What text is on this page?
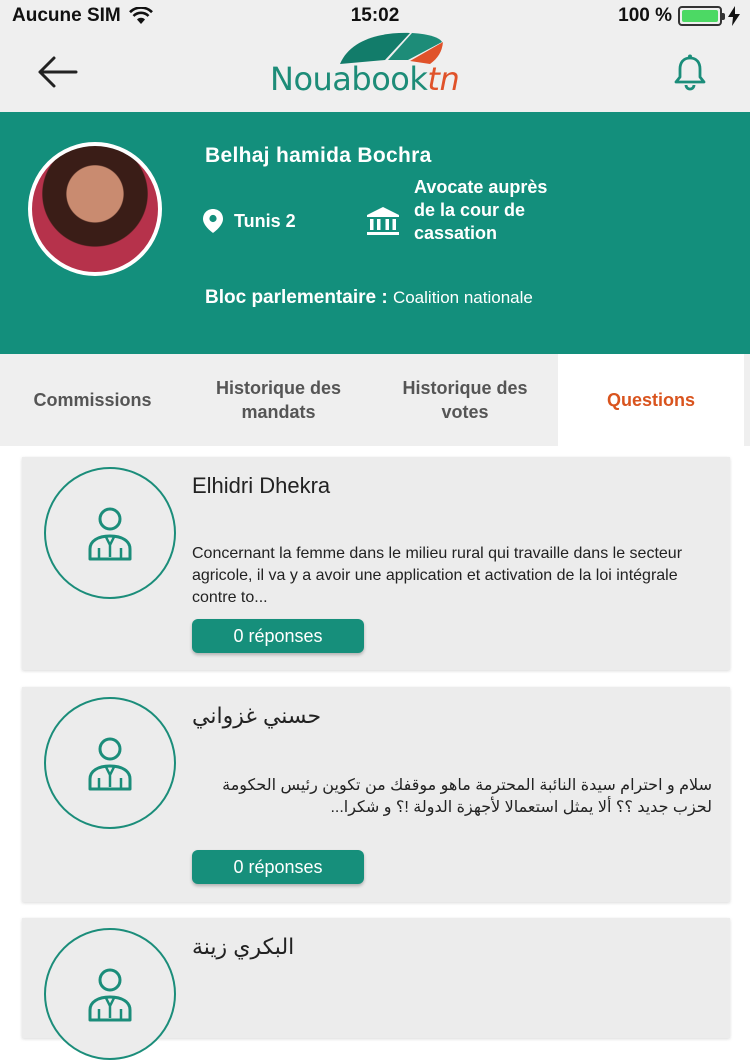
Aucune SIM	15:02	100 %
Nouabooktn
Belhaj hamida Bochra
Tunis 2
Avocate auprès de la cour de cassation
Bloc parlementaire : Coalition nationale
Commissions
Historique des mandats
Historique des votes
Questions
Elhidri Dhekra
Concernant la femme dans le milieu rural qui travaille dans le secteur agricole, il va y a avoir une application et activation de la loi intégrale contre to...
0 réponses
حسني غزواني
سلام و احترام سيدة النائبة المحترمة ماهو موقفك من تكوين رئيس الحكومة لحزب جديد ؟؟ ألا يمثل استعمالا لأجهزة الدولة !؟ و شكرا...
0 réponses
البكري زينة
